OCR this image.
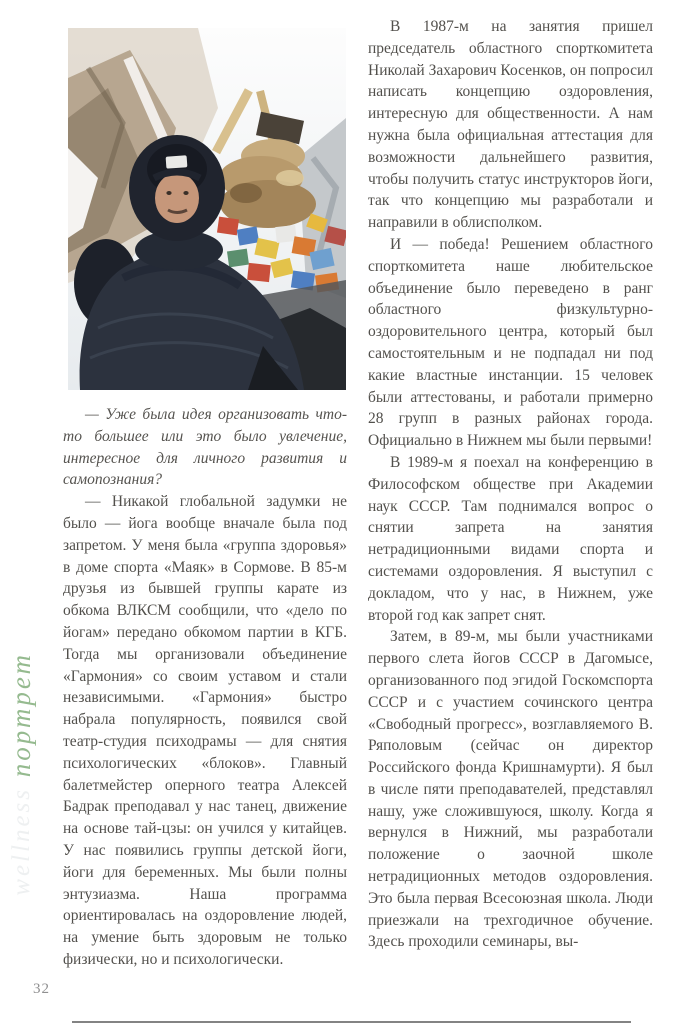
портрет
wellness

— Уже была идея организовать что-то большее или это было увлечение, интересное для личного развития и самопознания?

— Никакой глобальной задумки не было — йога вообще вначале была под запретом. У меня была «группа здоровья» в доме спорта «Маяк» в Сормове. В 85-м друзья из бывшей группы карате из обкома ВЛКСМ сообщили, что «дело по йогам» передано обкомом партии в КГБ. Тогда мы организовали объединение «Гармония» со своим уставом и стали независимыми. «Гармония» быстро набрала популярность, появился свой театр-студия психодрамы — для снятия психологических «блоков». Главный балетмейстер оперного театра Алексей Бадрак преподавал у нас танец, движение на основе тай-цзы: он учился у китайцев. У нас появились группы детской йоги, йоги для беременных. Мы были полны энтузиазма. Наша программа ориентировалась на оздоровление людей, на умение быть здоровым не только физически, но и психологически.

В 1987-м на занятия пришел председатель областного спорткомитета Николай Захарович Косенков, он попросил написать концепцию оздоровления, интересную для общественности. А нам нужна была официальная аттестация для возможности дальнейшего развития, чтобы получить статус инструкторов йоги, так что концепцию мы разработали и направили в облисполком.

И — победа! Решением областного спорткомитета наше любительское объединение было переведено в ранг областного физкультурно-оздоровительного центра, который был самостоятельным и не подпадал ни под какие властные инстанции. 15 человек были аттестованы, и работали примерно 28 групп в разных районах города. Официально в Нижнем мы были первыми!

В 1989-м я поехал на конференцию в Философском обществе при Академии наук СССР. Там поднимался вопрос о снятии запрета на занятия нетрадиционными видами спорта и системами оздоровления. Я выступил с докладом, что у нас, в Нижнем, уже второй год как запрет снят.

Затем, в 89-м, мы были участниками первого слета йогов СССР в Дагомысе, организованного под эгидой Госкомспорта СССР и с участием сочинского центра «Свободный прогресс», возглавляемого В. Ряполовым (сейчас он директор Российского фонда Кришнамурти). Я был в числе пяти преподавателей, представлял нашу, уже сложившуюся, школу. Когда я вернулся в Нижний, мы разработали положение о заочной школе нетрадиционных методов оздоровления. Это была первая Всесоюзная школа. Люди приезжали на трехгодичное обучение. Здесь проходили семинары, вы-

32
